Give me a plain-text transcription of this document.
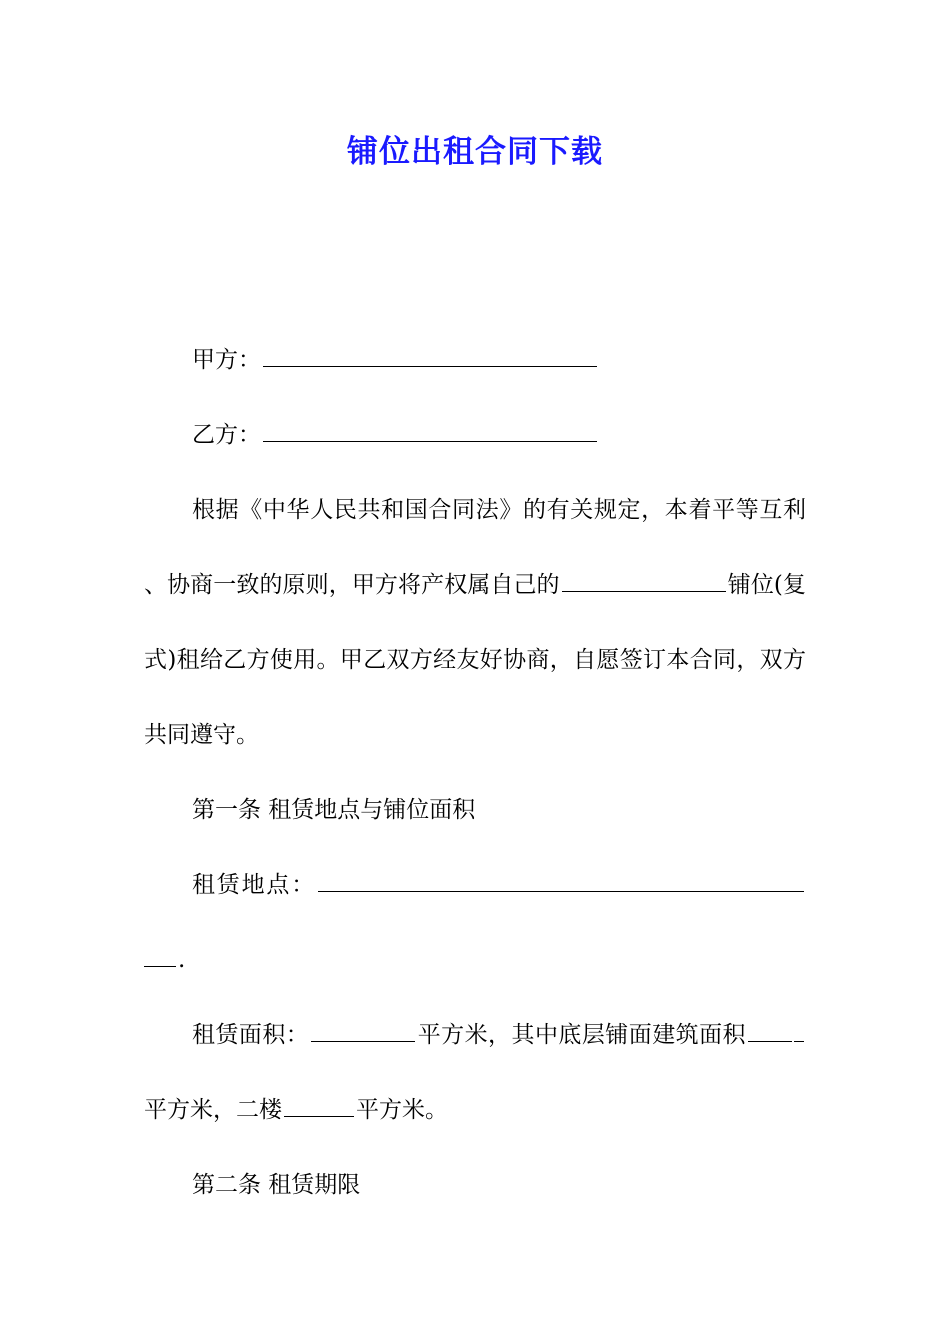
铺位出租合同下载

甲方：

乙方：

根据《中华人民共和国合同法》的有关规定，本着平等互利、协商一致的原则，甲方将产权属自己的	铺位(复式)租给乙方使用。甲乙双方经友好协商，自愿签订本合同，双方共同遵守。

第一条 租赁地点与铺位面积

租赁地点：.

租赁面积：	平方米，其中底层铺面建筑面积平方米，二楼	平方米。

第二条 租赁期限
